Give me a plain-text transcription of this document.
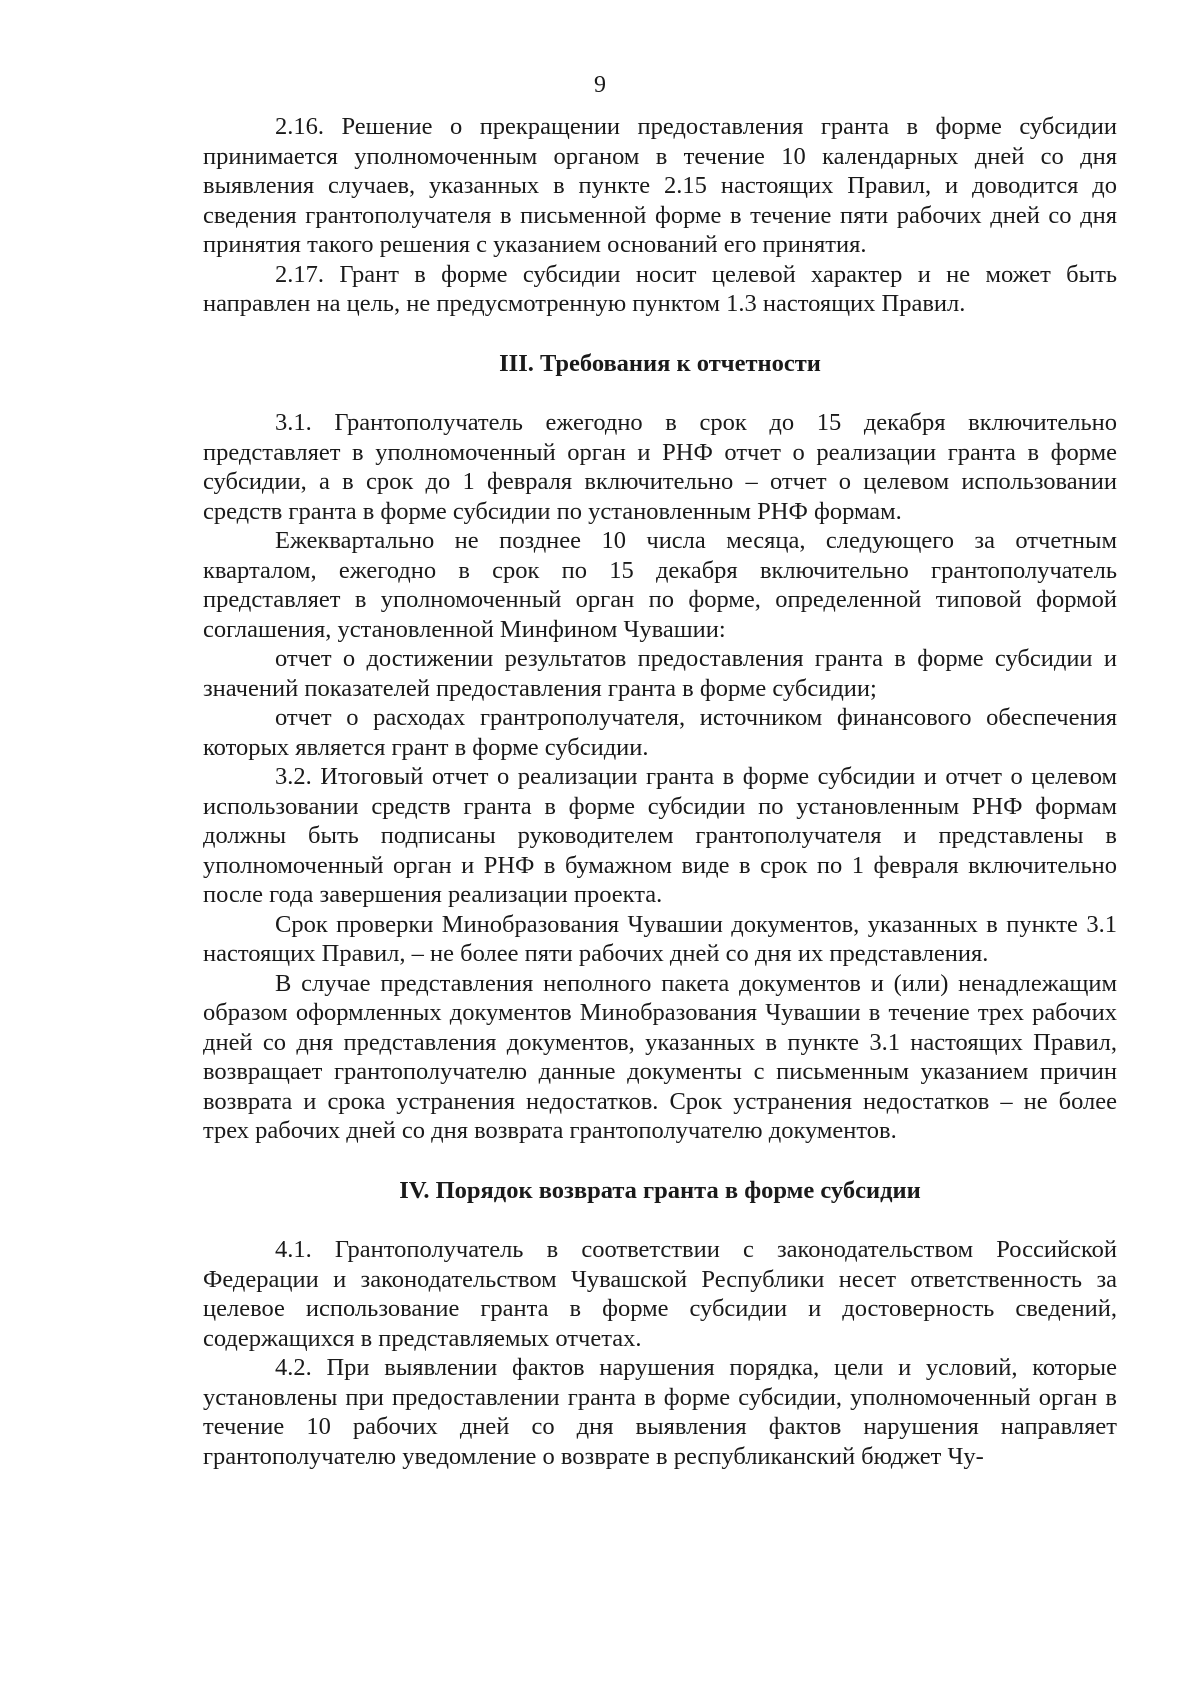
9

2.16. Решение о прекращении предоставления гранта в форме субсидии принимается уполномоченным органом в течение 10 календарных дней со дня выявления случаев, указанных в пункте 2.15 настоящих Правил, и доводится до сведения грантополучателя в письменной форме в течение пяти рабочих дней со дня принятия такого решения с указанием оснований его принятия.

2.17. Грант в форме субсидии носит целевой характер и не может быть направлен на цель, не предусмотренную пунктом 1.3 настоящих Правил.

III. Требования к отчетности

3.1. Грантополучатель ежегодно в срок до 15 декабря включительно представляет в уполномоченный орган и РНФ отчет о реализации гранта в форме субсидии, а в срок до 1 февраля включительно – отчет о целевом использовании средств гранта в форме субсидии по установленным РНФ формам.

Ежеквартально не позднее 10 числа месяца, следующего за отчетным кварталом, ежегодно в срок по 15 декабря включительно грантополучатель представляет в уполномоченный орган по форме, определенной типовой формой соглашения, установленной Минфином Чувашии:

отчет о достижении результатов предоставления гранта в форме субсидии и значений показателей предоставления гранта в форме субсидии;

отчет о расходах грантрополучателя, источником финансового обеспечения которых является грант в форме субсидии.

3.2. Итоговый отчет о реализации гранта в форме субсидии и отчет о целевом использовании средств гранта в форме субсидии по установленным РНФ формам должны быть подписаны руководителем грантополучателя и представлены в уполномоченный орган и РНФ в бумажном виде в срок по 1 февраля включительно после года завершения реализации проекта.

Срок проверки Минобразования Чувашии документов, указанных в пункте 3.1 настоящих Правил, – не более пяти рабочих дней со дня их представления.

В случае представления неполного пакета документов и (или) ненадлежащим образом оформленных документов Минобразования Чувашии в течение трех рабочих дней со дня представления документов, указанных в пункте 3.1 настоящих Правил, возвращает грантополучателю данные документы с письменным указанием причин возврата и срока устранения недостатков. Срок устранения недостатков – не более трех рабочих дней со дня возврата грантополучателю документов.

IV. Порядок возврата гранта в форме субсидии

4.1. Грантополучатель в соответствии с законодательством Российской Федерации и законодательством Чувашской Республики несет ответственность за целевое использование гранта в форме субсидии и достоверность сведений, содержащихся в представляемых отчетах.

4.2. При выявлении фактов нарушения порядка, цели и условий, которые установлены при предоставлении гранта в форме субсидии, уполномоченный орган в течение 10 рабочих дней со дня выявления фактов нарушения направляет грантополучателю уведомление о возврате в республиканский бюджет Чу-
